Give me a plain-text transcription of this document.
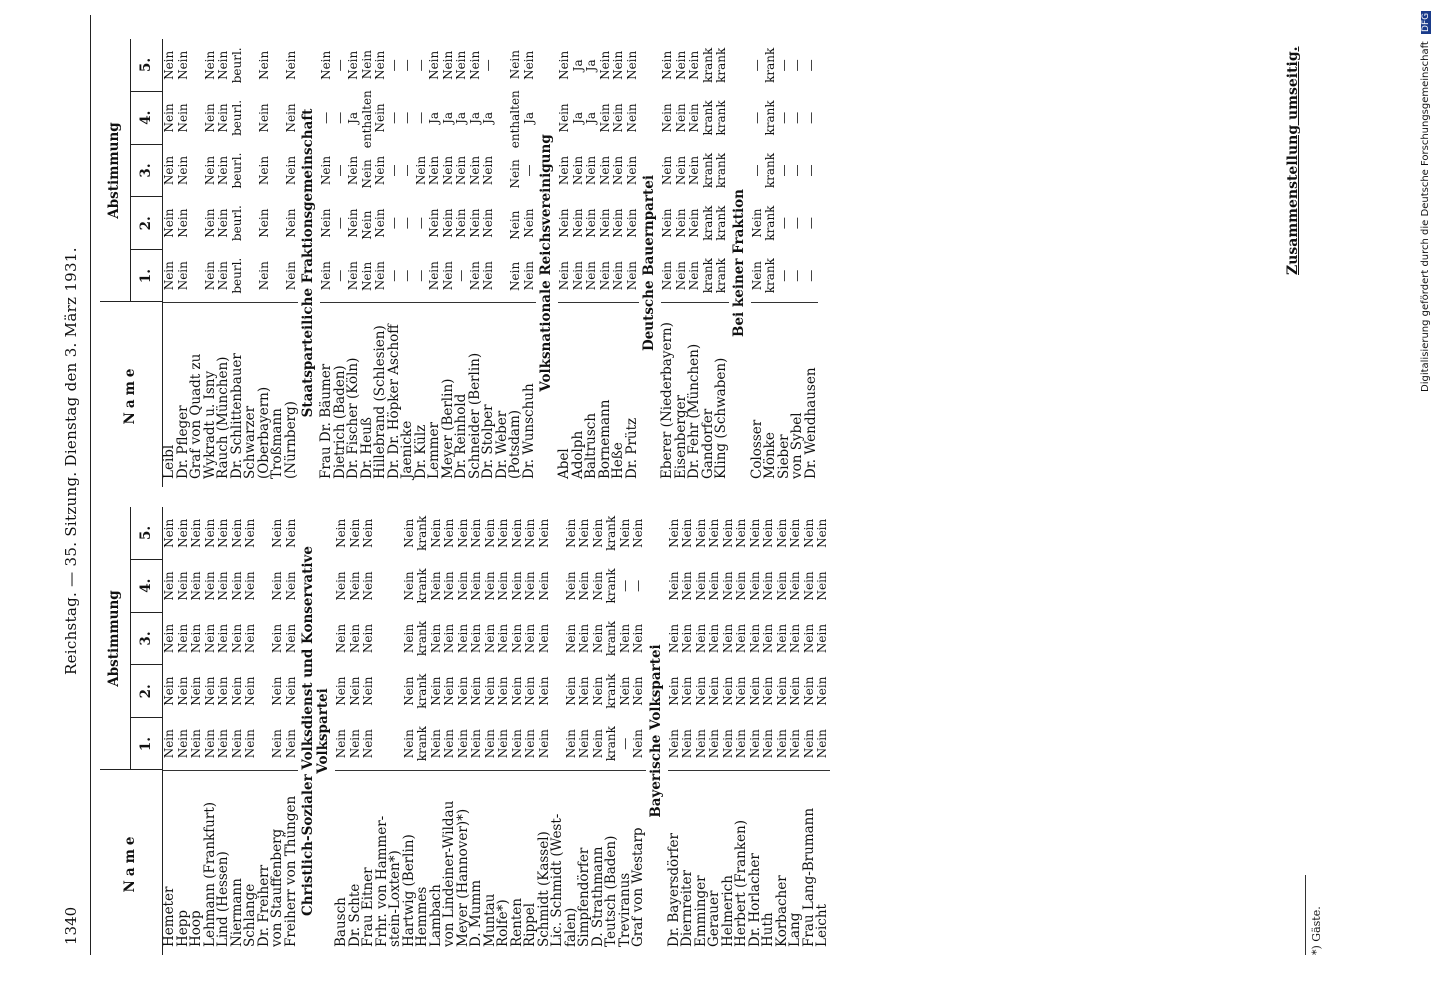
1340
Reichstag. — 35. Sitzung. Dienstag den 3. März 1931.
Name
Abstimmung
1.
2.
3.
4.
5.
Hemeter
Nein
Nein
Nein
Nein
Nein
Hepp
Nein
Nein
Nein
Nein
Nein
Hoop
Nein
Nein
Nein
Nein
Nein
Lehmann (Frankfurt)
Nein
Nein
Nein
Nein
Nein
Lind (Hessen)
Nein
Nein
Nein
Nein
Nein
Niermann
Nein
Nein
Nein
Nein
Nein
Schlange
Nein
Nein
Nein
Nein
Nein
Dr. Freiherr
von Stauffenberg
Nein
Nein
Nein
Nein
Nein
Freiherr von Thüngen
Nein
Nein
Nein
Nein
Nein
Christlich-Sozialer Volksdienst und Konservative Volkspartei
Bausch
Nein
Nein
Nein
Nein
Nein
Dr. Schte
Nein
Nein
Nein
Nein
Nein
Frau Eitner
Nein
Nein
Nein
Nein
Nein
Frhr. von Hammer-
stein-Loxten*)
Hartwig (Berlin)
Nein
Nein
Nein
Nein
Nein
Hemmes
krank
krank
krank
krank
krank
Lambach
Nein
Nein
Nein
Nein
Nein
von Lindeiner-Wildau
Nein
Nein
Nein
Nein
Nein
Meyer (Hannover)*)
Nein
Nein
Nein
Nein
Nein
D. Mumm
Nein
Nein
Nein
Nein
Nein
Muntau
Nein
Nein
Nein
Nein
Nein
Rolfe*)
Nein
Nein
Nein
Nein
Nein
Renten
Nein
Nein
Nein
Nein
Nein
Rippel
Nein
Nein
Nein
Nein
Nein
Schmidt (Kassel)
Nein
Nein
Nein
Nein
Nein
Lic. Schmidt (West-
falen)
Nein
Nein
Nein
Nein
Nein
Simpfendörfer
Nein
Nein
Nein
Nein
Nein
D. Strathmann
Nein
Nein
Nein
Nein
Nein
Teutsch (Baden)
krank
krank
krank
krank
krank
Treviranus
—
Nein
Nein
—
Nein
Graf von Westarp
Nein
Nein
Nein
—
Nein
Bayerische Volkspartei
Dr. Bayersdörfer
Nein
Nein
Nein
Nein
Nein
Diernreiter
Nein
Nein
Nein
Nein
Nein
Emminger
Nein
Nein
Nein
Nein
Nein
Gerauer
Nein
Nein
Nein
Nein
Nein
Helmerich
Nein
Nein
Nein
Nein
Nein
Herbert (Franken)
Nein
Nein
Nein
Nein
Nein
Dr. Horlacher
Nein
Nein
Nein
Nein
Nein
Huth
Nein
Nein
Nein
Nein
Nein
Korbacher
Nein
Nein
Nein
Nein
Nein
Lang
Nein
Nein
Nein
Nein
Nein
Frau Lang-Brumann
Nein
Nein
Nein
Nein
Nein
Leicht
Nein
Nein
Nein
Nein
Nein
Name
Abstimmung
1.
2.
3.
4.
5.
Leibl
Nein
Nein
Nein
Nein
Nein
Dr. Pfleger
Nein
Nein
Nein
Nein
Nein
Graf von Quadt zu
Wykradt u. Isny
Nein
Nein
Nein
Nein
Nein
Rauch (München)
Nein
Nein
Nein
Nein
Nein
Dr. Schlittenbauer
beurl.
beurl.
beurl.
beurl.
beurl.
Schwarzer
(Oberbayern)
Nein
Nein
Nein
Nein
Nein
Troßmann
(Nürnberg)
Nein
Nein
Nein
Nein
Nein
Staatsparteiliche Fraktionsgemeinschaft
Frau Dr. Bäumer
Nein
Nein
Nein
—
Nein
Dietrich (Baden)
—
—
—
—
—
Dr. Fischer (Köln)
Nein
Nein
Nein
Ja
Nein
Dr. Heuß
Nein
Nein
Nein
enthalten
Nein
Hillebrand (Schlesien)
Nein
Nein
Nein
Nein
Nein
Dr. Dr. Höpker Aschoff
—
—
—
—
—
Jaenicke
—
—
—
—
—
Dr. Külz
—
—
Nein
—
—
Lemmer
Nein
Nein
Nein
Ja
Nein
Meyer (Berlin)
Nein
Nein
Nein
Ja
Nein
Dr. Reinhold
—
Nein
Nein
Ja
Nein
Schneider (Berlin)
Nein
Nein
Nein
Ja
Nein
Dr. Stolper
Nein
Nein
Nein
Ja
—
Dr. Weber
(Potsdam)
Nein
Nein
Nein
enthalten
Nein
Dr. Wunschuh
Nein
Nein
—
Ja
Nein
Volksnationale Reichsvereinigung
Abel
Nein
Nein
Nein
Nein
Nein
Adolph
Nein
Nein
Nein
Ja
Ja
Baltrusch
Nein
Nein
Nein
Ja
Ja
Bornemann
Nein
Nein
Nein
Nein
Nein
Heße
Nein
Nein
Nein
Nein
Nein
Dr. Prütz
Nein
Nein
Nein
Nein
Nein
Deutsche Bauernpartei
Eberer (Niederbayern)
Nein
Nein
Nein
Nein
Nein
Eisenberger
Nein
Nein
Nein
Nein
Nein
Dr. Fehr (München)
Nein
Nein
Nein
Nein
Nein
Gandorfer
krank
krank
krank
krank
krank
Kling (Schwaben)
krank
krank
krank
krank
krank
Bei keiner Fraktion
Colosser
Nein
Nein
—
—
—
Mönke
krank
krank
krank
krank
krank
Sieber
—
—
—
—
—
von Sybel
—
—
—
—
—
Dr. Wendhausen
—
—
—
—
—
*) Gäste.
Zusammenstellung umseitig.	Digitalisierung gefördert durch die Deutsche Forschungsgemeinschaft DFG
